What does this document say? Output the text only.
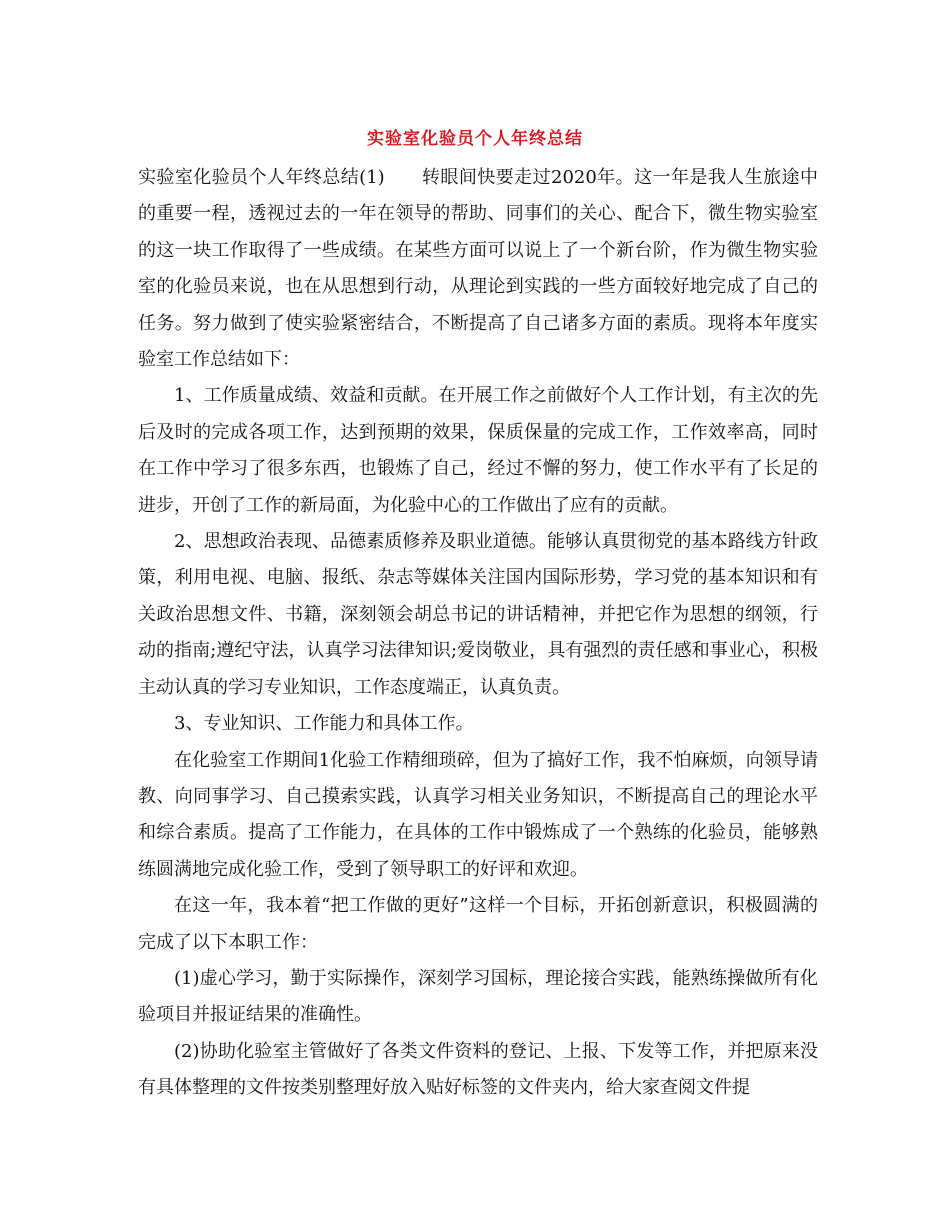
实验室化验员个人年终总结

实验室化验员个人年终总结(1)　　转眼间快要走过2020年。这一年是我人生旅途中的重要一程，透视过去的一年在领导的帮助、同事们的关心、配合下，微生物实验室的这一块工作取得了一些成绩。在某些方面可以说上了一个新台阶，作为微生物实验室的化验员来说，也在从思想到行动，从理论到实践的一些方面较好地完成了自己的任务。努力做到了使实验紧密结合，不断提高了自己诸多方面的素质。现将本年度实验室工作总结如下：

1、工作质量成绩、效益和贡献。在开展工作之前做好个人工作计划，有主次的先后及时的完成各项工作，达到预期的效果，保质保量的完成工作，工作效率高，同时在工作中学习了很多东西，也锻炼了自己，经过不懈的努力，使工作水平有了长足的进步，开创了工作的新局面，为化验中心的工作做出了应有的贡献。

2、思想政治表现、品德素质修养及职业道德。能够认真贯彻党的基本路线方针政策，利用电视、电脑、报纸、杂志等媒体关注国内国际形势，学习党的基本知识和有关政治思想文件、书籍，深刻领会胡总书记的讲话精神，并把它作为思想的纲领，行动的指南;遵纪守法，认真学习法律知识;爱岗敬业，具有强烈的责任感和事业心，积极主动认真的学习专业知识，工作态度端正，认真负责。

3、专业知识、工作能力和具体工作。

在化验室工作期间1化验工作精细琐碎，但为了搞好工作，我不怕麻烦，向领导请教、向同事学习、自己摸索实践，认真学习相关业务知识，不断提高自己的理论水平和综合素质。提高了工作能力，在具体的工作中锻炼成了一个熟练的化验员，能够熟练圆满地完成化验工作，受到了领导职工的好评和欢迎。

在这一年，我本着“把工作做的更好”这样一个目标，开拓创新意识，积极圆满的完成了以下本职工作：

(1)虚心学习，勤于实际操作，深刻学习国标，理论接合实践，能熟练操做所有化验项目并报证结果的准确性。

(2)协助化验室主管做好了各类文件资料的登记、上报、下发等工作，并把原来没有具体整理的文件按类别整理好放入贴好标签的文件夹内，给大家查阅文件提
